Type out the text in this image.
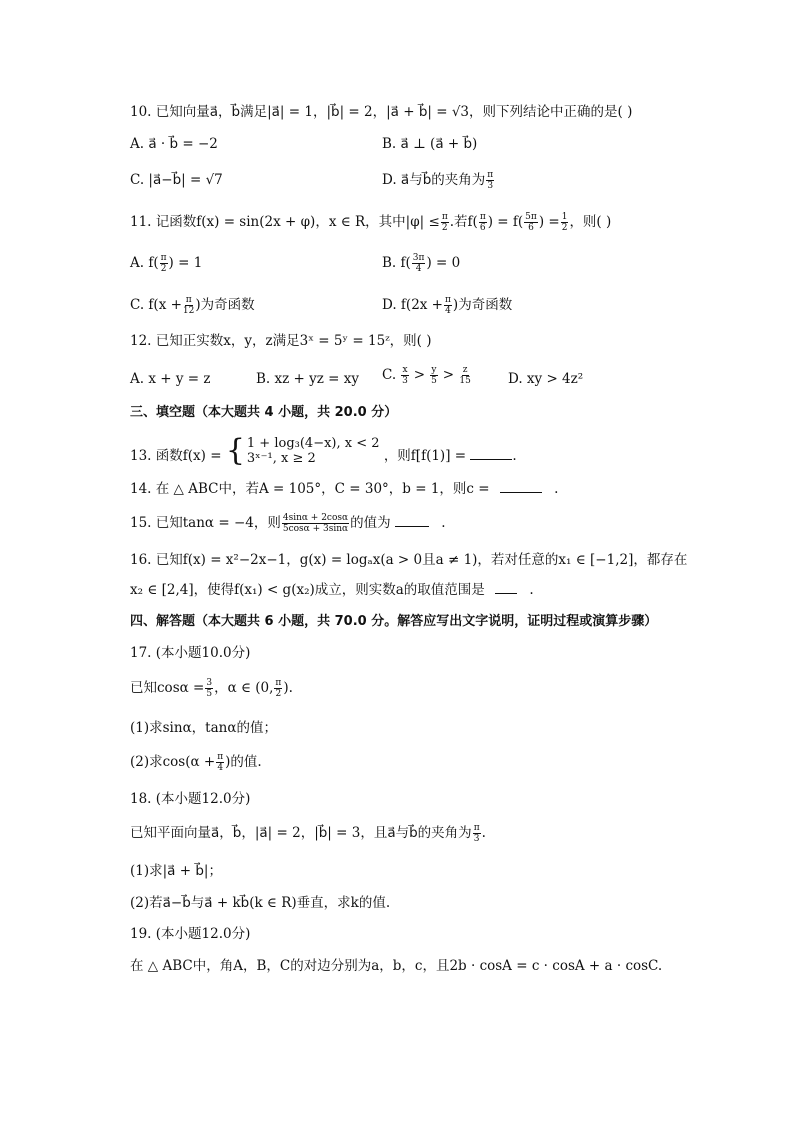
10. 已知向量a⃗，b⃗满足|a⃗| = 1，|b⃗| = 2，|a⃗ + b⃗| = √3，则下列结论中正确的是( )
A. a⃗ · b⃗ = −2	B. a⃗ ⊥ (a⃗ + b⃗)
C. |a⃗−b⃗| = √7	D. a⃗与b⃗的夹角为 $\frac{\pi}{3}$
11. 记函数f(x) = sin(2x + φ)，x ∈ R，其中$|\varphi| \le \frac{\pi}{2}$ .若$f( \frac{\pi}{6}$ ) = $f( \frac{5\pi}{6}$ ) = $\frac{1}{2}$ ，则( )
A. $f( \frac{\pi}{2}$ ) = 1	B. $f( \frac{3\pi}{4}$ ) = 0
C. $f(x + \frac{\pi}{12}$ )为奇函数	D. $f(2x + \frac{\pi}{4}$ )为奇函数
12. 已知正实数x，y，z满足3ˣ = 5ʸ = 15ᶻ，则( )
A. x + y = z	B. xz + yz = xy C. $\frac{x}{3} > \frac{y}{5} > \frac{z}{15}$	D. xy > 4z²
三、填空题（本大题共 4 小题，共 20.0 分）
13. 函数f(x) = { 1 + log₃(4−x), x < 2
3ˣ⁻¹, x ≥ 2	，则f[f(1)] =	.
14. 在 △ ABC中，若A = 105°，C = 30°，b = 1，则c =	.
15. 已知tanα = −4，则 $\frac{4\sin\alpha + 2\cos\alpha}{5\cos\alpha + 3\sin\alpha}$ 的值为	.
16. 已知f(x) = x²−2x−1，g(x) = logₐx(a > 0且a ≠ 1)，若对任意的x₁ ∈ [−1,2]，都存在
x₂ ∈ [2,4]，使得f(x₁) < g(x₂)成立，则实数a的取值范围是	.
四、解答题（本大题共 6 小题，共 70.0 分。解答应写出文字说明，证明过程或演算步骤）
17. (本小题10.0分)
已知$\cos\alpha = \frac{3}{5}$ ，α ∈ (0, $\frac{\pi}{2}$ ).
(1)求sinα，tanα的值；
(2)求$\cos(\alpha + \frac{\pi}{4}$ )的值.
18. (本小题12.0分)
已知平面向量a⃗，b⃗，|a⃗| = 2，|b⃗| = 3，且a⃗与b⃗的夹角为 $\frac{\pi}{3}$ .
(1)求|a⃗ + b⃗|；
(2)若a⃗−b⃗与a⃗ + kb⃗(k ∈ R)垂直，求k的值.
19. (本小题12.0分)
在 △ ABC中，角A，B，C的对边分别为a，b，c，且2b · cosA = c · cosA + a · cosC.
